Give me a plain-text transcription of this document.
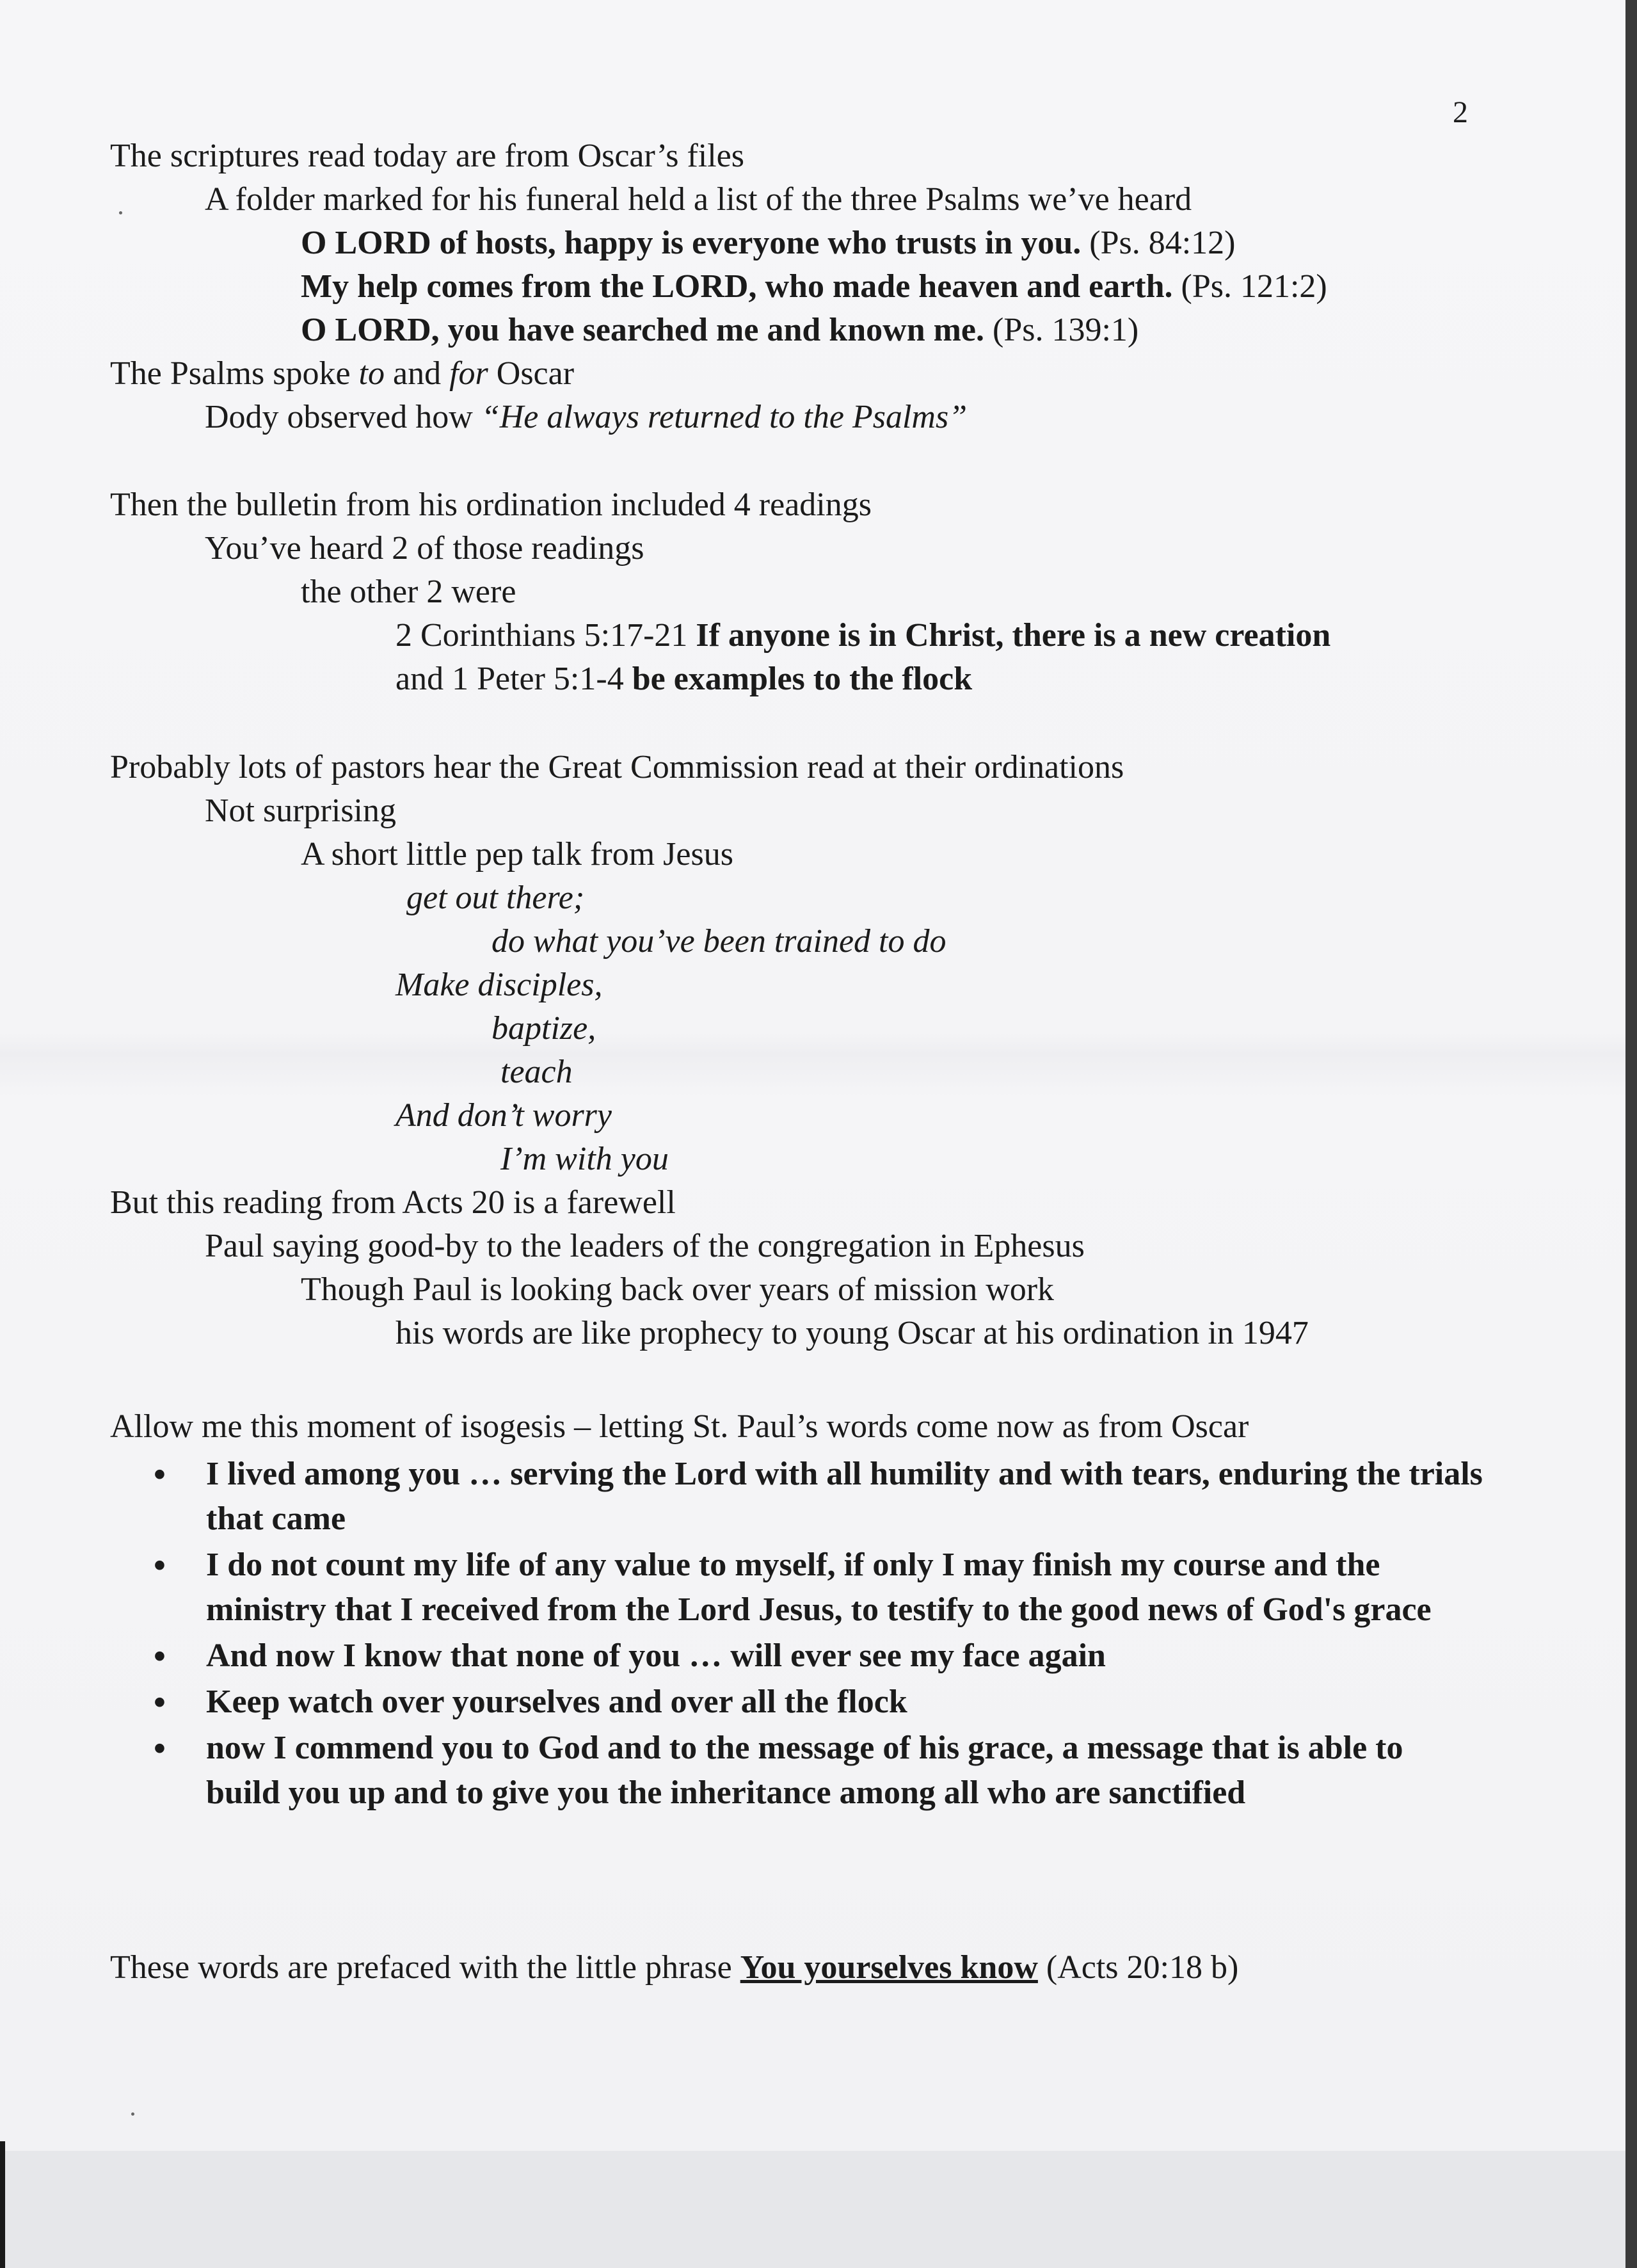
2
The scriptures read today are from Oscar’s files
A folder marked for his funeral held a list of the three Psalms we’ve heard
O LORD of hosts, happy is everyone who trusts in you. (Ps. 84:12)
My help comes from the LORD, who made heaven and earth. (Ps. 121:2)
O LORD, you have searched me and known me. (Ps. 139:1)
The Psalms spoke to and for Oscar
Dody observed how “He always returned to the Psalms”
Then the bulletin from his ordination included 4 readings
You’ve heard 2 of those readings
the other 2 were
2 Corinthians 5:17-21 If anyone is in Christ, there is a new creation
and 1 Peter 5:1-4 be examples to the flock
Probably lots of pastors hear the Great Commission read at their ordinations
Not surprising
A short little pep talk from Jesus
get out there;
do what you’ve been trained to do
Make disciples,
baptize,
teach
And don’t worry
I’m with you
But this reading from Acts 20 is a farewell
Paul saying good-by to the leaders of the congregation in Ephesus
Though Paul is looking back over years of mission work
his words are like prophecy to young Oscar at his ordination in 1947
Allow me this moment of isogesis – letting St. Paul’s words come now as from Oscar
• I lived among you … serving the Lord with all humility and with tears, enduring the trials that came
• I do not count my life of any value to myself, if only I may finish my course and the ministry that I received from the Lord Jesus, to testify to the good news of God's grace
• And now I know that none of you … will ever see my face again
• Keep watch over yourselves and over all the flock
• now I commend you to God and to the message of his grace, a message that is able to build you up and to give you the inheritance among all who are sanctified
These words are prefaced with the little phrase You yourselves know (Acts 20:18 b)
